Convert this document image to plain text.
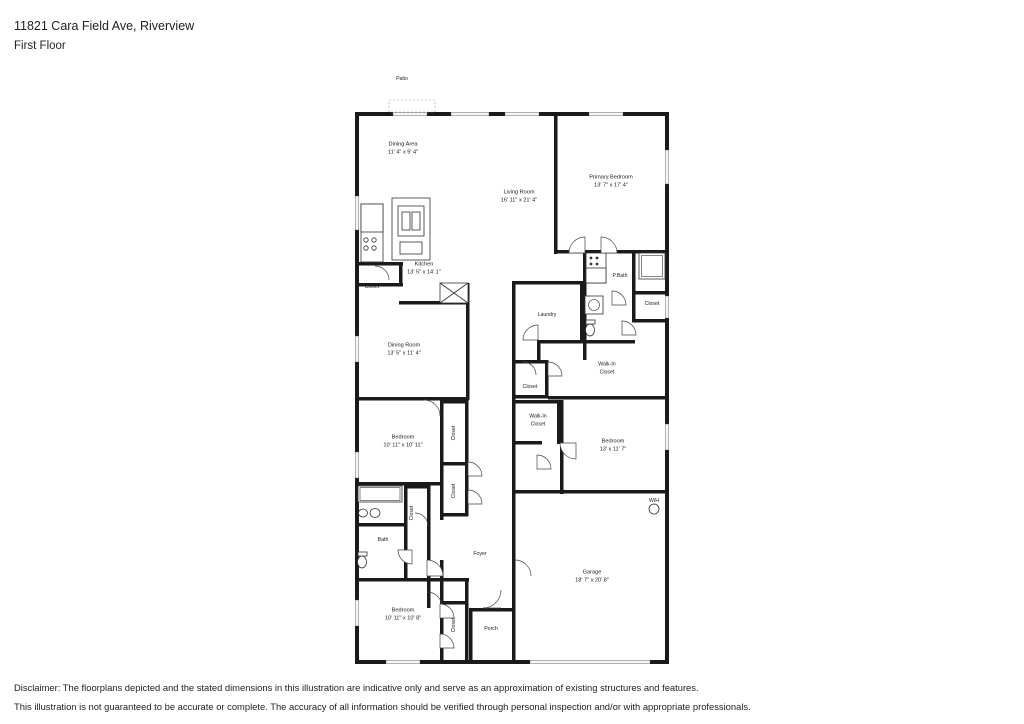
11821 Cara Field Ave, Riverview
First Floor
Patio
Dining Area
11' 4" x 9' 4"
Living Room
16' 11" x 21' 4"
Primary Bedroom
13' 7" x 17' 4"
Kitchen
13' 5" x 14' 1"
Closet
P.Bath
Closet
Laundry
Dining Room
13' 5" x 11' 4"
Walk-In
Closet
Closet
Walk-In
Closet
Bedroom
10' 11" x 10' 11"
Bedroom
13' x 11' 7"
Closet
Closet
Closet
W/H
Bath
Foyer
Garage
18' 7" x 20' 8"
Bedroom
10' 11" x 10' 8"	Closet	Porch
Disclaimer: The floorplans depicted and the stated dimensions in this illustration are indicative only and serve as an approximation of existing structures and features.
This illustration is not guaranteed to be accurate or complete. The accuracy of all information should be verified through personal inspection and/or with appropriate professionals.
